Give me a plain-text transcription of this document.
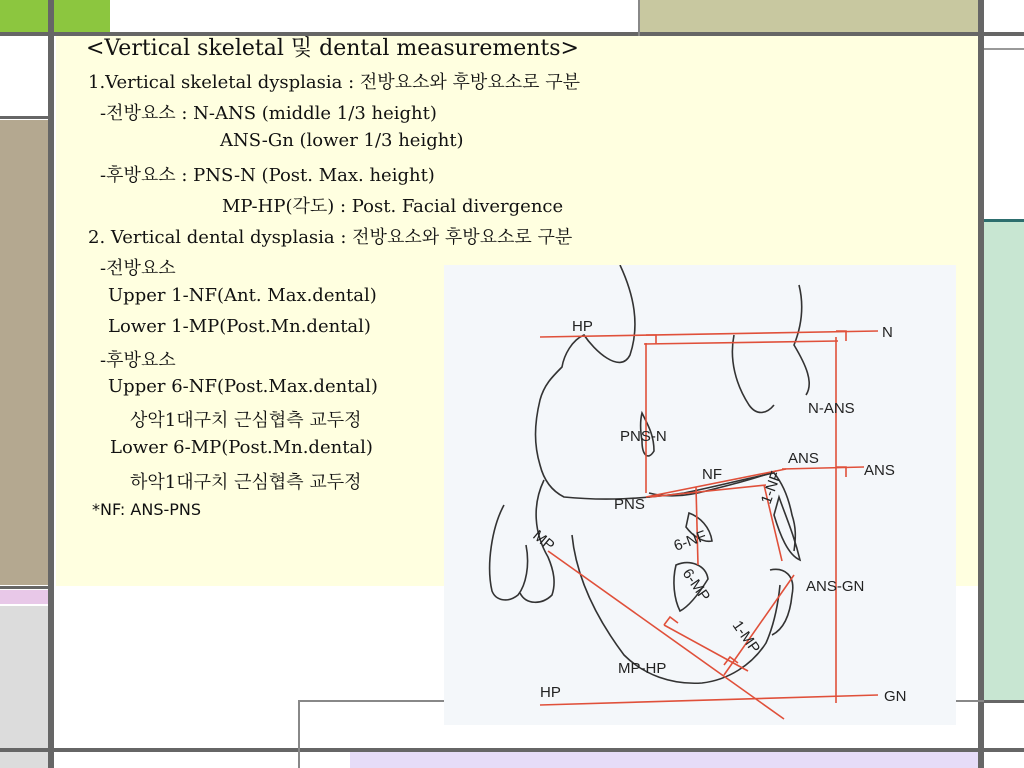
<Vertical skeletal 및 dental measurements>
1.Vertical skeletal dysplasia : 전방요소와 후방요소로 구분
-전방요소 : N-ANS (middle 1/3 height)
ANS-Gn (lower 1/3 height)
-후방요소 : PNS-N (Post. Max. height)
MP-HP(각도) : Post. Facial divergence
2. Vertical dental dysplasia : 전방요소와 후방요소로 구분
-전방요소
Upper 1-NF(Ant. Max.dental)
Lower 1-MP(Post.Mn.dental)
-후방요소
Upper 6-NF(Post.Max.dental)
상악1대구치 근심협측 교두정
Lower 6-MP(Post.Mn.dental)
하악1대구치 근심협측 교두정
*NF: ANS-PNS
HP	N
N-ANS
PNS-N
ANS
ANS
NF
PNS	1-NF
MP	6-NF
6-MP	ANS-GN
1-MP
MP-HP
HP	GN
